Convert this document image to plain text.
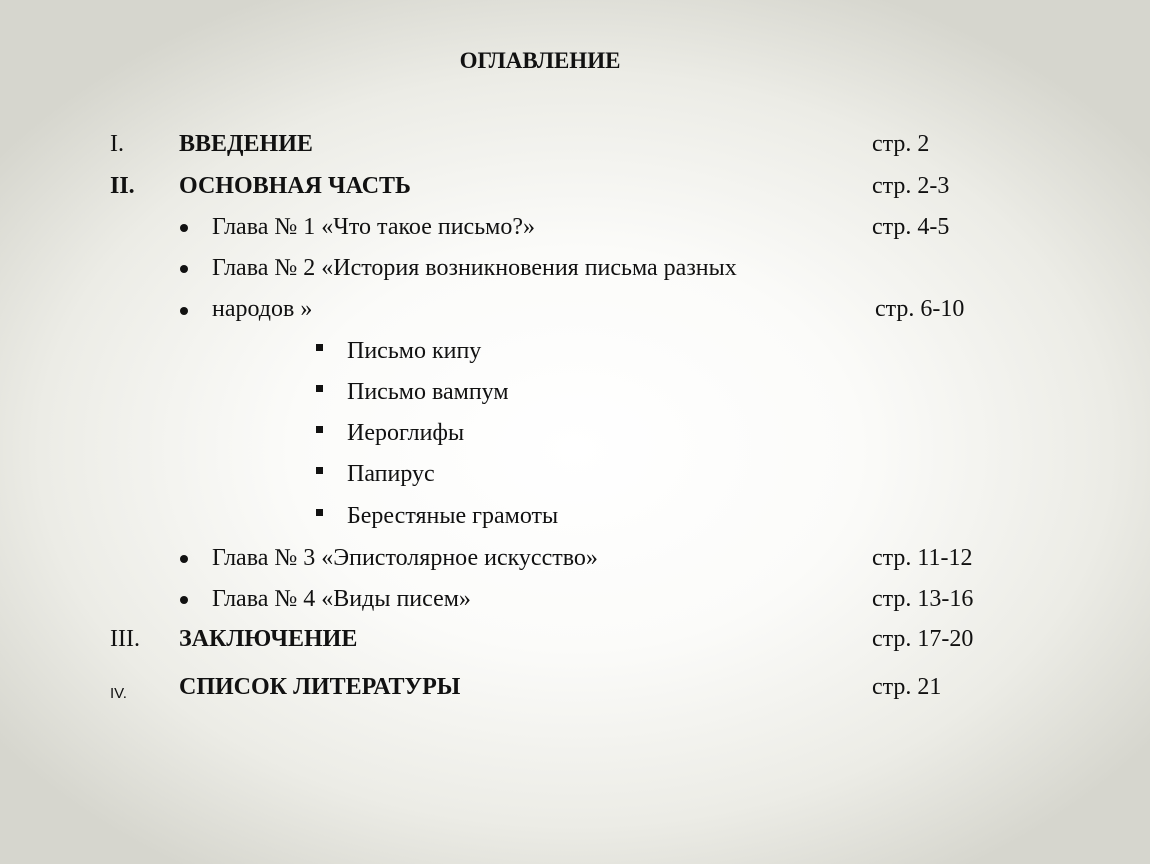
ОГЛАВЛЕНИЕ
I. ВВЕДЕНИЕ	стр. 2
II. ОСНОВНАЯ ЧАСТЬ	стр. 2-3
Глава № 1 «Что такое письмо?»	стр. 4-5
Глава № 2 «История возникновения письма разных
народов »	стр. 6-10
Письмо кипу
Письмо вампум
Иероглифы
Папирус
Берестяные грамоты
Глава № 3 «Эпистолярное искусство»	стр. 11-12
Глава № 4 «Виды писем»	стр. 13-16
III. ЗАКЛЮЧЕНИЕ	стр. 17-20
IV. СПИСОК ЛИТЕРАТУРЫ	стр. 21
